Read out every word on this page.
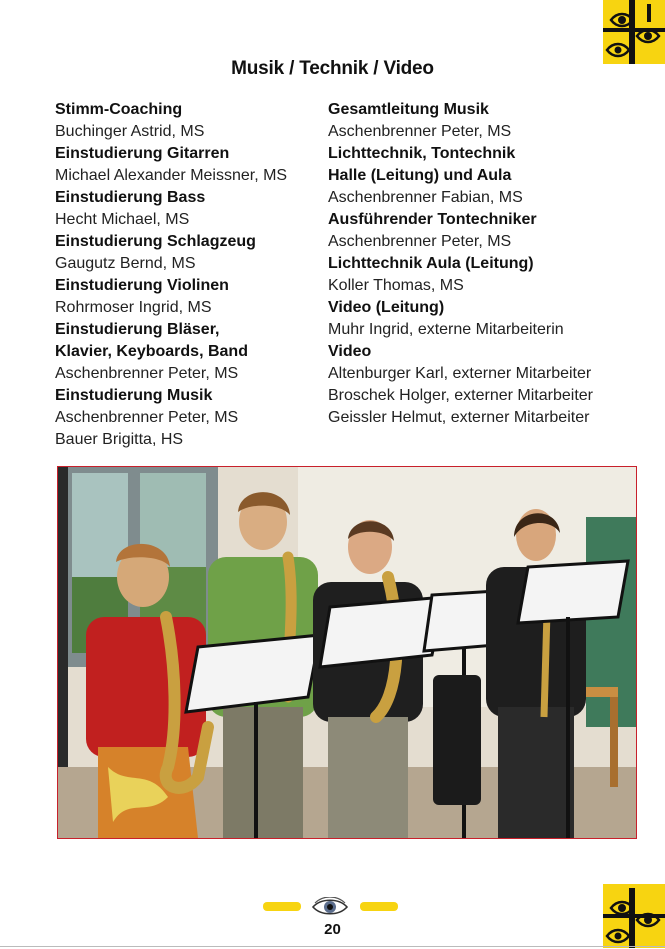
Musik / Technik / Video
Stimm-Coaching
Buchinger Astrid, MS
Einstudierung Gitarren
Michael Alexander Meissner, MS
Einstudierung Bass
Hecht Michael, MS
Einstudierung Schlagzeug
Gaugutz Bernd, MS
Einstudierung Violinen
Rohrmoser Ingrid, MS
Einstudierung Bläser,
Klavier, Keyboards, Band
Aschenbrenner Peter, MS
Einstudierung Musik
Aschenbrenner Peter, MS
Bauer Brigitta, HS
Gesamtleitung Musik
Aschenbrenner Peter, MS
Lichttechnik, Tontechnik
Halle (Leitung) und Aula
Aschenbrenner Fabian, MS
Ausführender Tontechniker
Aschenbrenner Peter, MS
Lichttechnik Aula (Leitung)
Koller Thomas, MS
Video (Leitung)
Muhr Ingrid, externe Mitarbeiterin
Video
Altenburger Karl, externer Mitarbeiter
Broschek Holger, externer Mitarbeiter
Geissler Helmut, externer Mitarbeiter
20
